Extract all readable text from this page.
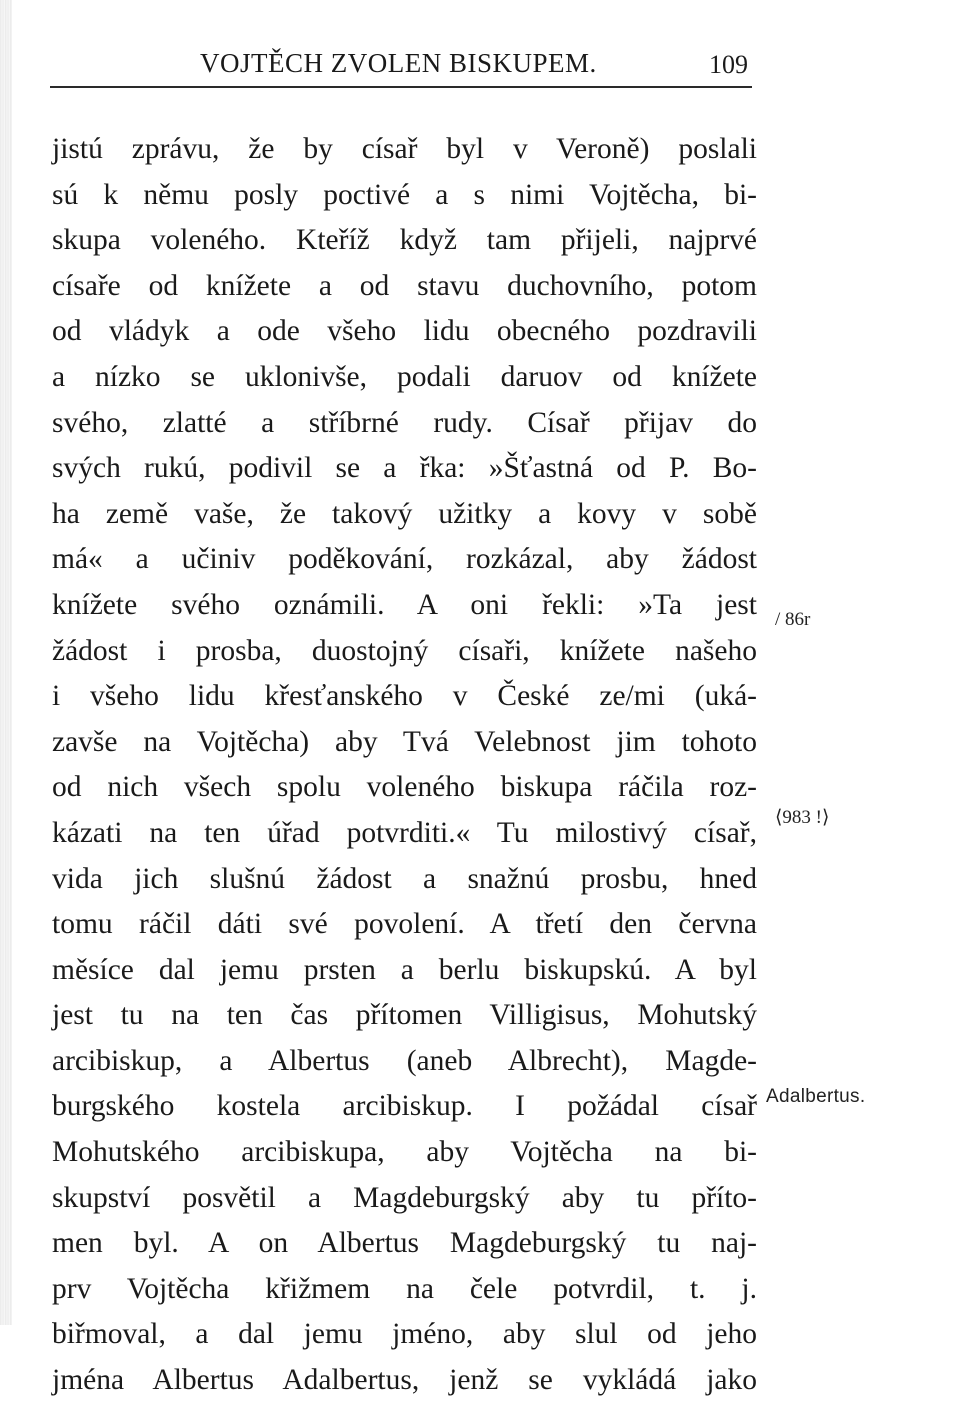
VOJTĚCH ZVOLEN BISKUPEM.	109
jistú zprávu, že by císař byl v Veroně) poslali
sú k němu posly poctivé a s nimi Vojtěcha, bi-
skupa voleného. Kteříž když tam přijeli, najprvé
císaře od knížete a od stavu duchovního, potom
od vládyk a ode všeho lidu obecného pozdravili
a nízko se uklonivše, podali daruov od knížete
svého, zlatté a stříbrné rudy. Císař přijav do
svých rukú, podivil se a řka: »Šťastná od P. Bo-
ha země vaše, že takový užitky a kovy v sobě
má« a učiniv poděkování, rozkázal, aby žádost
knížete svého oznámili. A oni řekli: »Ta jest
žádost i prosba, duostojný císaři, knížete našeho
i všeho lidu křesťanského v České ze/mi (uká-
zavše na Vojtěcha) aby Tvá Velebnost jim tohoto
od nich všech spolu voleného biskupa ráčila roz-
kázati na ten úřad potvrditi.« Tu milostivý císař,
vida jich slušnú žádost a snažnú prosbu, hned
tomu ráčil dáti své povolení. A třetí den června
měsíce dal jemu prsten a berlu biskupskú. A byl
jest tu na ten čas přítomen Villigisus, Mohutský
arcibiskup, a Albertus (aneb Albrecht), Magde-
burgského kostela arcibiskup. I požádal císař
Mohutského arcibiskupa, aby Vojtěcha na bi-
skupství posvětil a Magdeburgský aby tu příto-
men byl. A on Albertus Magdeburgský tu naj-
prv Vojtěcha křižmem na čele potvrdil, t. j.
biřmoval, a dal jemu jméno, aby slul od jeho
jména Albertus Adalbertus, jenž se vykládá jako
/ 86r
⟨983 !⟩
Adalbertus.
